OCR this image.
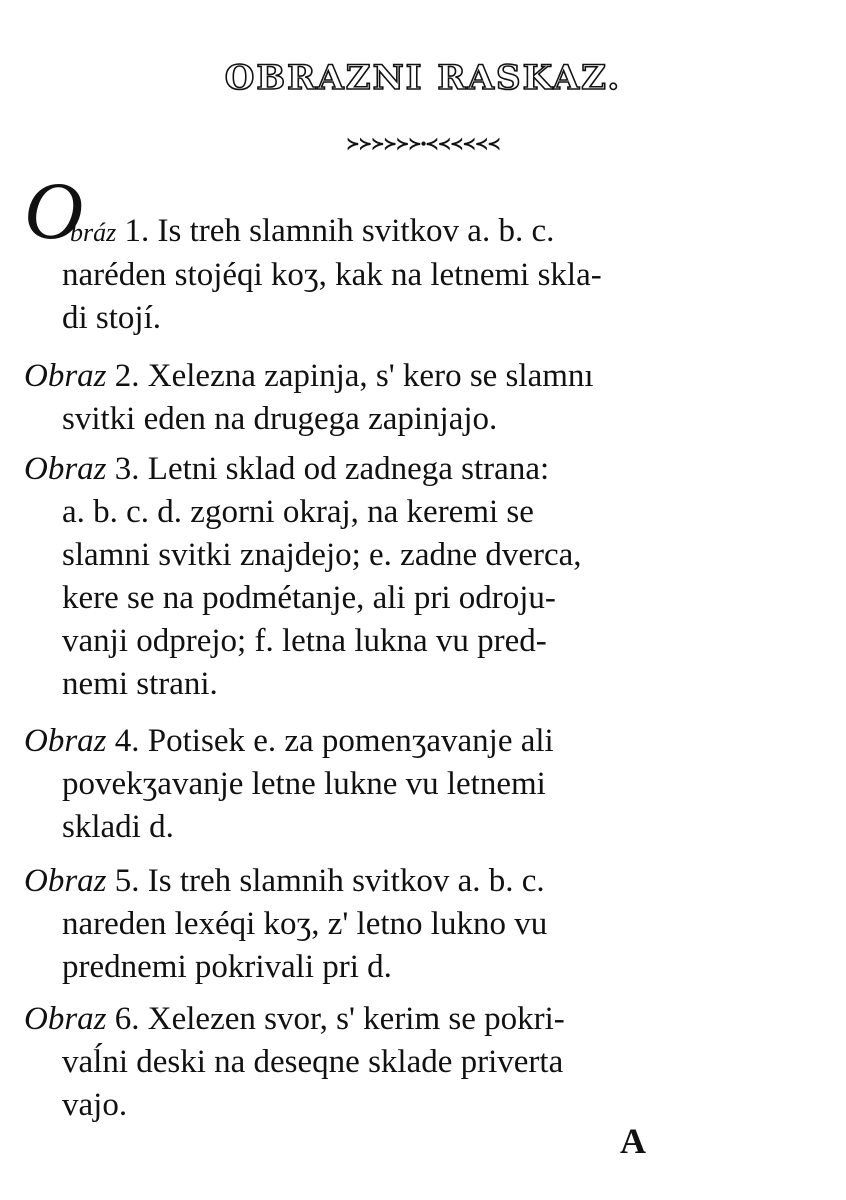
OBRAZNI RASKAZ.
≻≻≻≻≻≻•≺≺≺≺≺≺
O
bráz 1. Is treh slamnih svitkov a. b. c.
naréden stojéqi koʒ, kak na letnemi skla-
di stojí.
Obraz 2. Xelezna zapinja, s' kero se slamnı
svitki eden na drugega zapinjajo.
Obraz 3. Letni sklad od zadnega strana:
a. b. c. d. zgorni okraj, na keremi se
slamni svitki znajdejo; e. zadne dverca,
kere se na podmétanje, ali pri odroju-
vanji odprejo; f. letna lukna vu pred-
nemi strani.
Obraz 4. Potisek e. za pomenʒavanje ali
povekʒavanje letne lukne vu letnemi
skladi d.
Obraz 5. Is treh slamnih svitkov a. b. c.
nareden lexéqi koʒ, z' letno lukno vu
prednemi pokrivali pri d.
Obraz 6. Xelezen svor, s' kerim se pokri-
vaĺni deski na deseqne sklade priverta
vajo.
A
